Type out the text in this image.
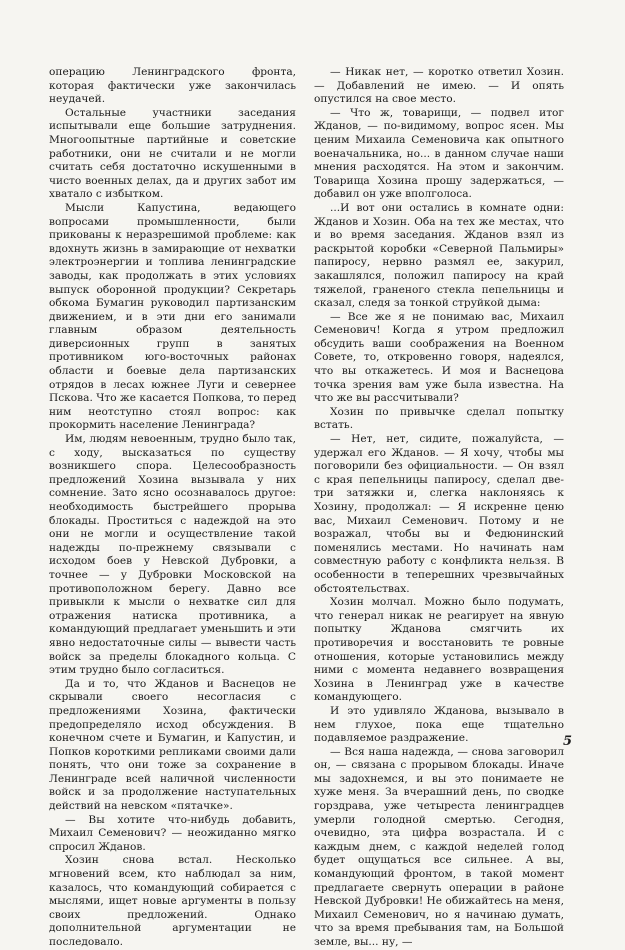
операцию Ленинградского фронта, которая фактически уже закончилась неудачей.

Остальные участники заседания испытывали еще большие затруднения. Многоопытные партийные и советские работники, они не считали и не могли считать себя достаточно искушенными в чисто военных делах, да и других забот им хватало с избытком.

Мысли Капустина, ведающего вопросами промышленности, были прикованы к неразрешимой проблеме: как вдохнуть жизнь в замирающие от нехватки электроэнергии и топлива ленинградские заводы, как продолжать в этих условиях выпуск оборонной продукции? Секретарь обкома Бумагин руководил партизанским движением, и в эти дни его занимали главным образом деятельность диверсионных групп в занятых противником юго-восточных районах области и боевые дела партизанских отрядов в лесах южнее Луги и севернее Пскова. Что же касается Попкова, то перед ним неотступно стоял вопрос: как прокормить население Ленинграда?

Им, людям невоенным, трудно было так, с ходу, высказаться по существу возникшего спора. Целесообразность предложений Хозина вызывала у них сомнение. Зато ясно осознавалось другое: необходимость быстрейшего прорыва блокады. Проститься с надеждой на это они не могли и осуществление такой надежды по-прежнему связывали с исходом боев у Невской Дубровки, а точнее — у Дубровки Московской на противоположном берегу. Давно все привыкли к мысли о нехватке сил для отражения натиска противника, а командующий предлагает уменьшить и эти явно недостаточные силы — вывести часть войск за пределы блокадного кольца. С этим трудно было согласиться.

Да и то, что Жданов и Васнецов не скрывали своего несогласия с предложениями Хозина, фактически предопределяло исход обсуждения. В конечном счете и Бумагин, и Капустин, и Попков короткими репликами своими дали понять, что они тоже за сохранение в Ленинграде всей наличной численности войск и за продолжение наступательных действий на невском «пятачке».

— Вы хотите что-нибудь добавить, Михаил Семенович? — неожиданно мягко спросил Жданов.

Хозин снова встал. Несколько мгновений всем, кто наблюдал за ним, казалось, что командующий собирается с мыслями, ищет новые аргументы в пользу своих предложений. Однако дополнительной аргументации не последовало.

— Никак нет, — коротко ответил Хозин. — Добавлений не имею. — И опять опустился на свое место.

— Что ж, товарищи, — подвел итог Жданов, — по-видимому, вопрос ясен. Мы ценим Михаила Семеновича как опытного военачальника, но... в данном случае наши мнения расходятся. На этом и закончим. Товарища Хозина прошу задержаться, — добавил он уже вполголоса.

...И вот они остались в комнате одни: Жданов и Хозин. Оба на тех же местах, что и во время заседания. Жданов взял из раскрытой коробки «Северной Пальмиры» папиросу, нервно размял ее, закурил, закашлялся, положил папиросу на край тяжелой, граненого стекла пепельницы и сказал, следя за тонкой струйкой дыма:

— Все же я не понимаю вас, Михаил Семенович! Когда я утром предложил обсудить ваши соображения на Военном Совете, то, откровенно говоря, надеялся, что вы откажетесь. И моя и Васнецова точка зрения вам уже была известна. На что же вы рассчитывали?

Хозин по привычке сделал попытку встать.

— Нет, нет, сидите, пожалуйста, — удержал его Жданов. — Я хочу, чтобы мы поговорили без официальности. — Он взял с края пепельницы папиросу, сделал две-три затяжки и, слегка наклоняясь к Хозину, продолжал: — Я искренне ценю вас, Михаил Семенович. Потому и не возражал, чтобы вы и Федюнинский поменялись местами. Но начинать нам совместную работу с конфликта нельзя. В особенности в теперешних чрезвычайных обстоятельствах.

Хозин молчал. Можно было подумать, что генерал никак не реагирует на явную попытку Жданова смягчить их противоречия и восстановить те ровные отношения, которые установились между ними с момента недавнего возвращения Хозина в Ленинград уже в качестве командующего.

И это удивляло Жданова, вызывало в нем глухое, пока еще тщательно подавляемое раздражение.

— Вся наша надежда, — снова заговорил он, — связана с прорывом блокады. Иначе мы задохнемся, и вы это понимаете не хуже меня. За вчерашний день, по сводке горздрава, уже четыреста ленинградцев умерли голодной смертью. Сегодня, очевидно, эта цифра возрастала. И с каждым днем, с каждой неделей голод будет ощущаться все сильнее. А вы, командующий фронтом, в такой момент предлагаете свернуть операции в районе Невской Дубровки! Не обижайтесь на меня, Михаил Семенович, но я начинаю думать, что за время пребывания там, на Большой земле, вы... ну, —

5
